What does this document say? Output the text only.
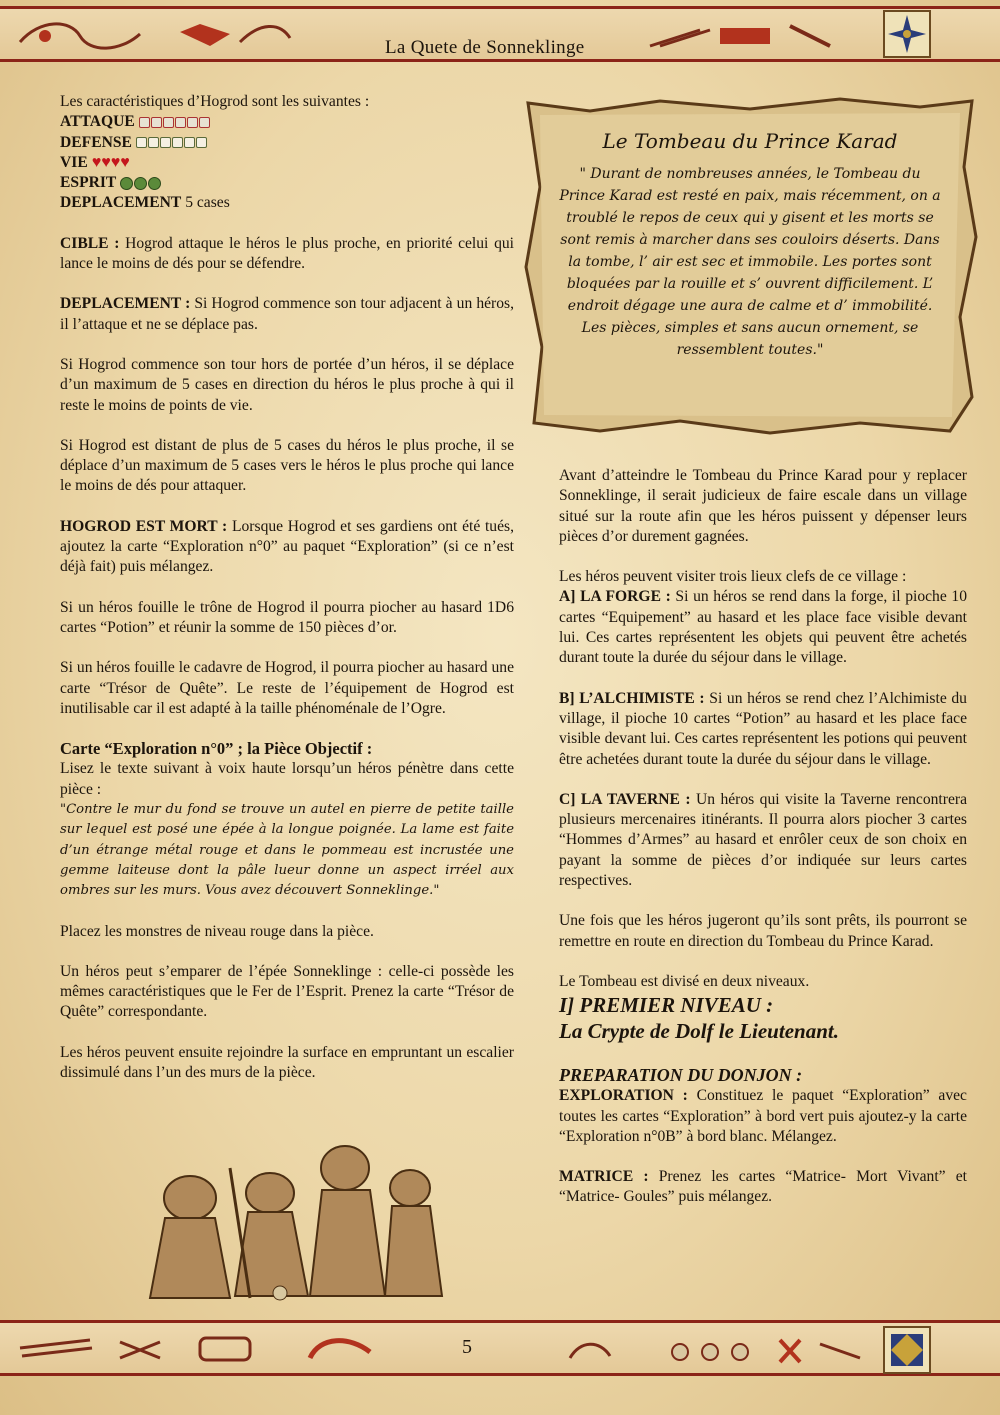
La Quete de Sonneklinge

Les caractéristiques d’Hogrod sont les suivantes :

ATTAQUE
DEFENSE
VIE ♥♥♥♥
ESPRIT

DEPLACEMENT 5 cases

CIBLE : Hogrod attaque le héros le plus proche, en priorité celui qui lance le moins de dés pour se défendre.

DEPLACEMENT : Si Hogrod commence son tour adjacent à un héros, il l’attaque et ne se déplace pas.

Si Hogrod commence son tour hors de portée d’un héros, il se déplace d’un maximum de 5 cases en direction du héros le plus proche à qui il reste le moins de points de vie.

Si Hogrod est distant de plus de 5 cases du héros le plus proche, il se déplace d’un maximum de 5 cases vers le héros le plus proche qui lance le moins de dés pour attaquer.

HOGROD EST MORT : Lorsque Hogrod et ses gardiens ont été tués, ajoutez la carte “Exploration n°0” au paquet “Exploration” (si ce n’est déjà fait) puis mélangez.

Si un héros fouille le trône de Hogrod il pourra piocher au hasard 1D6 cartes “Potion” et réunir la somme de 150 pièces d’or.

Si un héros fouille le cadavre de Hogrod, il pourra piocher au hasard une carte “Trésor de Quête”. Le reste de l’équipement de Hogrod est inutilisable car il est adapté à la taille phénoménale de l’Ogre.

Carte “Exploration n°0” ; la Pièce Objectif :

Lisez le texte suivant à voix haute lorsqu’un héros pénètre dans cette pièce :

"Contre le mur du fond se trouve un autel en pierre de petite taille sur lequel est posé une épée à la longue poignée. La lame est faite d’un étrange métal rouge et dans le pommeau est incrustée une gemme laiteuse dont la pâle lueur donne un aspect irréel aux ombres sur les murs. Vous avez découvert Sonneklinge."

Placez les monstres de niveau rouge dans la pièce.

Un héros peut s’emparer de l’épée Sonneklinge : celle-ci possède les mêmes caractéristiques que le Fer de l’Esprit. Prenez la carte “Trésor de Quête” correspondante.

Les héros peuvent ensuite rejoindre la surface en empruntant un escalier dissimulé dans l’un des murs de la pièce.

Le Tombeau du Prince Karad
" Durant de nombreuses années, le Tombeau du Prince Karad est resté en paix, mais récemment, on a troublé le repos de ceux qui y gisent et les morts se sont remis à marcher dans ses couloirs déserts. Dans la tombe, l’ air est sec et immobile. Les portes sont bloquées par la rouille et s’ ouvrent difficilement. L’ endroit dégage une aura de calme et d’ immobilité. Les pièces, simples et sans aucun ornement, se ressemblent toutes."

Avant d’atteindre le Tombeau du Prince Karad pour y replacer Sonneklinge, il serait judicieux de faire escale dans un village situé sur la route afin que les héros puissent y dépenser leurs pièces d’or durement gagnées.

Les héros peuvent visiter trois lieux clefs de ce village :

A] LA FORGE : Si un héros se rend dans la forge, il pioche 10 cartes “Equipement” au hasard et les place face visible devant lui. Ces cartes représentent les objets qui peuvent être achetés durant toute la durée du séjour dans le village.

B] L’ALCHIMISTE : Si un héros se rend chez l’Alchimiste du village, il pioche 10 cartes “Potion” au hasard et les place face visible devant lui. Ces cartes représentent les potions qui peuvent être achetées durant toute la durée du séjour dans le village.

C] LA TAVERNE : Un héros qui visite la Taverne rencontrera plusieurs mercenaires itinérants. Il pourra alors piocher 3 cartes “Hommes d’Armes” au hasard et enrôler ceux de son choix en payant la somme de pièces d’or indiquée sur leurs cartes respectives.

Une fois que les héros jugeront qu’ils sont prêts, ils pourront se remettre en route en direction du Tombeau du Prince Karad.

Le Tombeau est divisé en deux niveaux.

I] PREMIER NIVEAU :

La Crypte de Dolf le Lieutenant.

PREPARATION DU DONJON :

EXPLORATION : Constituez le paquet “Exploration” avec toutes les cartes “Exploration” à bord vert puis ajoutez-y la carte “Exploration n°0B” à bord blanc. Mélangez.

MATRICE : Prenez les cartes “Matrice- Mort Vivant” et “Matrice- Goules” puis mélangez.

5
